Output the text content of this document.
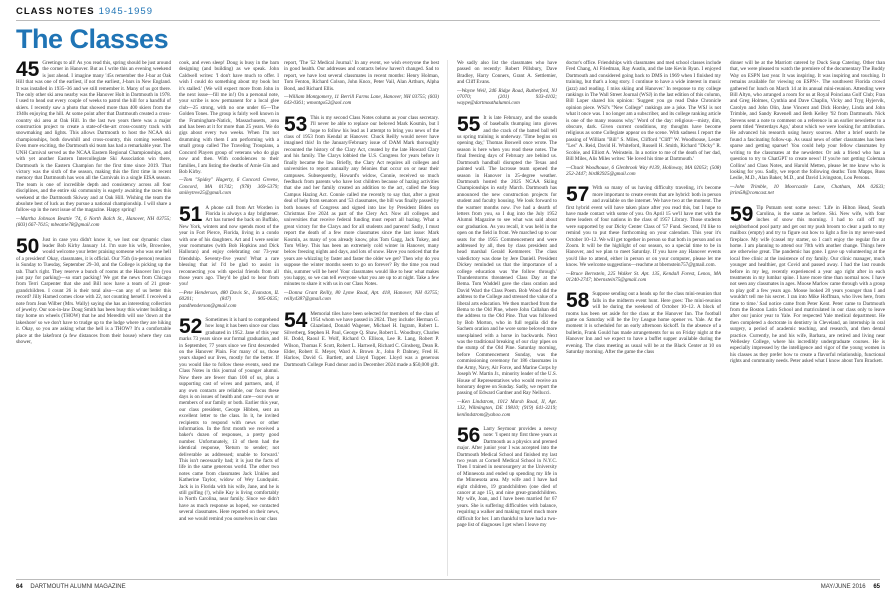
CLASS NOTES 1945-1959
The Classes
45 Greetings to all! As you read this, spring should be just around the corner in Hanover. But as I write this an evening weekend is just ahead. I imagine many '45s remember the J-bar at Oak Hill that was one of the earliest, if not the earliest, J-bars in New England. It was installed in 1935–36 and we still remember it. Many of us got there. The only other ski area nearby was the Hanover Holt in Dartmouth in 1978. I used to head out every couple of weeks to patrol the hill for a handful of skiers. I recently saw a photo that showed more than 400 skiers from the 1940s enjoying the hill. At some point after that Dartmouth created a cross-country ski area at Oak Hill. In the last two years there was a major construction project to create a state-of-the-art cross-country track with snowmaking and lights. This allows Dartmouth to host the NCAA ski championships, both downhill and cross-country, this coming weekend. Even more exciting, the Dartmouth ski team has had a remarkable year. The UNH Carnival served as the NCAA Eastern Regional Championships, and with yet another Eastern Intercollegiate Ski Association win there, Dartmouth is the Eastern Champion for the first time since 2019. That victory was the sixth of the season, making this the first time in recent memory that Dartmouth has won all the Carnivals in a single EISA season. The team is one of incredible depth and consistency across all four disciplines, and the entire ski community is eagerly awaiting the races this weekend at the Dartmouth Skiway and at Oak Hill. Wishing the team the absolute best of luck as they pursue a national championship. I will share a follow-up in the next issue of the magazine. Happy spring!
—Martha Johnson Beattie '74, 6 North Balch St., Hanover, NH 03755; (603) 667-7615; mbeattie78@gmail.com
50 Just in case you didn't know it, we lost our dynamic class leader Bob Kirby January 14. I'm sure his wife, Brownlee, would welcome your letter praising someone who was one hell of a president! Okay, classmates, it is official. Our 75th (in-person) reunion is Sunday to Tuesday, September 29–30, and the College is picking up the tab. That's right. They reserve a bunch of rooms at the Hanover Inn (you just pay for parking)—so start packing! We got the news from Chicago from Terri Carpenter that she and Bill now have a team of 21 great-grandchildren. I count 26 is their total also—can any of us better this record? Jilly Harned comes close with 22, not counting herself. I received a note from Jean Wilber (Mrs. Wally) saying she has an interesting collection of jewelry. Our son-in-law Doug Smith has been busy this winter building a tiny home on wheels (THOW) that he and Meredith will use 'down at the lakeshore' so we don't have to trudge up to the lodge where they are hiking it. Okay, so you are asking what the hell is a THOW? It's a comfortable place at the lakefront (a few distances from their house) where they can shower,
cook, and even sleep! Doug is busy in the barn designing (and building) as we speak. John Caldwell writes: 'I don't have much to offer. I wish I could do something about my book but it's stalled.' (We will expect more from John in the next issue—fill me in!) On a personal note, your scribe is now permanent for a local glee club—25 strong, with no one under 65—The Golden Tones. The group is fairly well known in the Framingham-Natick, Massachusetts, area and has been at it for more than 25 years. We do gigs about every two weeks. When I'm not drumming with them I am performing with a small group called The Traveling Troupians, a Concord Players group of veterans who do gigs now and then. With condolences to their families, I am listing the deaths of Arnie Gin and Bob Kirby.
—Tom "Spidey" Hagerty, 6 Concord Greene, Concord, MA 01742; (978) 369-5379; smileytree25@gmail.com
51 A phone call from Art Worden in Florida is always a day brightener. Art has turned the back on Buffalo, New York, winters and now spends most of the year in Fort Pierce, Florida, living in a condo with one of his daughters. Art and I were senior year roommates (with Bob Hopkins and Dick Halloran) and enjoy celebrating our 73-year friendship. Seventy-five years! What a rare blessing that is! I'd be glad to assist in reconnecting you with special friends from all those years ago. They'd be glad to hear from you!
—Pete Henderson, 480 Davis St., Evanston, IL 60201; (847) 905-0635; pandhenderson@gmail.com
52 Sometimes it is hard to comprehend how long it has been since our class graduated in 1952. Jane of this year marks 73 years since our formal graduation, and in September, 77 years since we first descended on the Hanover Plain. For many of us, those years shaped our lives, mostly for the better. If you would like to follow these events, send me Class Notes in this journal of younger alumni. Now there are fewer than 100 of us, plus a supporting cast of wives and partners, and, if any own contacts are reliable, our focus these days is on issues of health and care—our own or members of our family or both. Earlier this year, our class president, George Hibben, sent an excellent letter to the class. In it, he invited recipients to respond with news or other information. In the first month we received a baker's dozen of responses, a pretty good number. Unfortunately, 13 of them had the identical response, 'Return to sender; not deliverable as addressed; unable to forward.' This isn't necessarily bad; it is just the facts of life in the same generous world. The other two notes came from classmates Jack Unkles and Katherine Taylor, widow of Wey Lundquist. Jack is in Florida with his wife, Jane, and he is still golfing (!), while Kay is living comfortably in North Carolina, near family. Since we didn't have as much response as hoped, we contacted several classmates. Here reported on their news, and we would remind you ourselves in our class
report, 'The '52 Medical Journal.' In any event, we wish everyone the best in good health. Our addresses and contacts below haven't changed. Sad to report, we have lost several classmates in recent months: Henry Holman, Tom Fenton, Richard Colson, John Knox, Peter Vail, Alan Arthurs, Alpha Bond, and Richard Ellis.
—William Montgomery, 11 Berrill Farms Lane, Hanover, NH 03755; (603) 643-0361; wmontgo52@aol.com
53 This is my second Class Notes column as your class secretary. I'll never be able to replace our beloved Mark Kosmin, but I hope to follow his lead as I attempt to bring you news of the class of 1953 from Kendal at Hanover. Chuck Reilly would never have imagined this! In the January/February issue of DAM Mark thoroughly recounted the history of the Clary Act, created by the late Howard Clary and his family. The Clarys lobbied the U.S. Congress for years before it finally became the law. Briefly, the Clary Act requires all colleges and universities to report annually any felonies that occur on or near their campuses. Subsequently, Howard's widow, Connie, received so much feedback from parents who have lost children because of hazing activities that she and her family created an addition to the act, called the Stop Campus Hazing Act. Connie called me recently to say that, after a great deal of help from senators and '53 classmates, the bill was finally passed by both houses of Congress and signed into law by President Biden on Christmas Eve 2024 as part of the Clery Act. Now all colleges and universities that receive federal funding must report all hazing. What a great victory for the Clarys and for all students and parents! Sadly, I must report the death of a few more classmates since the last issue: Mark Kosmin, as many of you already know, plus Tom Gagg, Jack Tukey, and Tom Wiley. This has been an extremely cold winter in Hanover, many below freezing nights and days, and lots of snow. Have you noticed that the years are whizzing by faster and faster the older we get? Then why do you suppose the winter months seem to go on forever? By the time you read this, summer will be here! Your classmates would like to hear what makes you happy, so we can tell everyone what you are up to at night. Take a few minutes to share it with us in our Class Notes.
—Donna Grant Reilly, 80 Lyme Road, Apt. 418, Hanover, NH 03755; reilly4387@gmail.com
54 Memorial tiles have been selected for members of the class of 1954 whom we have passed in 2024. They include: Herman G. Glazeland, Donald Wagener, Michael H. Ingram, Robert L. Silverberg, Stephen H. Paul, George Q. Shaw, Robert L. Woodbury, Charles H. Dodd, Raoul E. Wolf, Richard O. Ellison, Lee R. Lang, Robert P. Wilson, Thomas F. Scott, Robert L. Hartwell, Richard C. Ginsberg, Dean R. Elder, Robert E. Meyer, Ward A. Brown Jr., John P. Dabney, Fred H. Harlow, David G. Bartlett, and Lloyd Tupper. Lloyd was a generous Dartmouth College Fund donor and in December 2024 made a $50,000 gift.
We sadly also list the classmates who have passed on recently: Robert Pillsbury, Dave Bradley, Harry Conners, Grant A. Settlemier, and Cliff Evans.
—Wayne Weil, 246 Ridge Road, Rutherford, NJ 07070; (201) 933-4102; waype@dartmouthalumni.com
55 It is late February, and the sounds of baseballs thumping into gloves and the crack of the batted ball tell us spring training is underway. 'Time begins on opening day,' Thomas Boswell once wrote. The season is here when you read these notes. The final freezing days of February are behind us. Dartmouth handball disrupted the Texas and painted wall. The lacrosse team opened the season in Hanover in 25-degree weather. Dartmouth hosted the 2025 NCAA Skiing Championships in early March. Dartmouth has announced the new construction projects for student and faculty housing. We look forward to the warmer months now. I've had a dearth of letters from you, so I dug into the July 1952 Alumni Magazine to see what was said about our graduation. As you recall, it was held in the open on the field in front. We marched up to our seats for the 1955 Commencement and were addressed by all, then by class president and head marshal Gerald Kemmerer. The class valedictory was done by Jere Daniell. President Dickey reminded us that the importance of a college education was 'the follow through.' Thunderstorms threatened Class Day at the Bema. Tom Waddell gave the class oration and David Ward the Class Poem. Bob Wood did the address to the College and stressed the value of a liberal arts education. We then marched from the Bema to the Old Pine, where John Callahan did the address to the Old Pine. That was followed by Bob Morton, who in full regalia did the Sachem oration and he wore some beloved more unexplained with a horse in backwards. Next was the traditional breaking of our clay pipes on the stump of the Old Pine. Saturday morning, before Commencement Sunday, was the commissioning ceremony for 186 classmates in the Army, Navy, Air Force, and Marine Corps by Joseph W. Martin Jr., minority leader of the U.S. House of Representatives who would receive an honorary degree on Sunday. Sadly, we report the passing of Edward Gardner and Ray Nellucci.
—Ken Lindstrom, 1012 Marsh Road, II, Apt. 132, Wilmington, DE 19810; (919) 641-3219; kenlindstrom@yahoo.com
56 Larry Seymour provides a newsy note: 'I spent my first three years at Dartmouth as a physics and premed major. After junior year I was accepted into the Dartmouth Medical School and finished my last two years at Cornell Medical School in N.Y.C. Then I trained in neurosurgery at the University of Minnesota and ended up spending my life in the Minnesota area. My wife and I have had eight children, 19 grandchildren (one died of cancer at age 15), and nine great-grandchildren. My wife, Joan, and I have been married for 67 years. She is suffering difficulties with balance, requiring a walker and making travel much more difficult for her. I am thankful to have had a two-page list of diagnoses I get when I leave my
doctor's office. Friendships with classmates and med school classes include Fred Chang, Al Friedman, Ray Austin, and the late Kevin Ryan. I enjoyed Dartmouth and considered going back to DMS in 1969 when I finished my training, but that's a long story. I continue to have a wide interest in music (jazz) and reading. I miss skiing and Hanover.' In response to my college rankings in The Wall Street Journal (WSJ) in the last edition of this column, Bill Loper shared his opinion: 'Suggest you go read Duke Chronicle opinion piece. WSJ's "New College" rankings are a joke. The WSJ is not what it once was. I no longer am a subscriber, and its college ranking article is one of the many reasons why.' Word of the day: religious—misty, dim, obscure, dark. Given current conditions, my thoughts have become religious as some Collegiate appear on the scene. With sadness I report the passing of William "Bill" S. Miles, Clifford "Cliff" W. Woodhouse, Lester "Les" A. Reid, David H. Whiteford, Russell H. Smith, Richard "Dicky" R. Scobie, and Elliott A. Weinstein. In a notice to me of the death of her dad, Bill Miles, Alis Miles writes: 'He loved his time at Dartmouth.'
—Chuck Woodhouse, 6 Glenbrook Way #139, Holloway, MA 02053; (508) 252-2447; bird82925@gmail.com
57 With so many of us having difficulty traveling, it's become more important to create events that are hybrid: both in person and available on the internet. We have two at the moment. The first hybrid event will have taken place after you read this, but I hope to have made contact with some of you. On April 15 we'll have met with the three leaders of four nations in the class of 1957 Library. Those students were supported by our Dicky Center Class of '57 Fund. Second, I'd like to remind you to put these forthcoming on your calendars. This year it's October 10–12. We will get together in person so that both in person and on Zoom. It will be the highlight of our season, so a special time to be in Hanover, and we plan to meet Saturday. If you have any Hanover events you'd like to attend, either in person or on your computer, please let me know. We welcome suggestions—reachme at bbernstein757@gmail.com.
—Bruce Bernstein, 225 Walker St. Apt. 135, Kendall Forest, Lenox, MA 01240-2747; bbernstein75@gmail.com
58 Suppose sending out a heads up for the class mini-reunion that falls in the midterm event hunt. Here goes: The mini-reunion will be during the weekend of October 10–12. A block of rooms has been set aside for the class at the Hanover Inn. The football game on Saturday will be the Ivy League home opener vs. Yale. At the moment it is scheduled for an early afternoon kickoff. In the absence of a bulletin, Frank Gould has made arrangements for us on Friday night at the Hanover Inn and we expect to have a buffet supper available during the evening. The class meeting as usual will be at the Black Center at 10 on Saturday morning. After the game the class
dinner will be at the Marriott catered by Duck Soup Catering. Other than that, we were pleased to watch the premiere of the documentary The Buddy Way on ESPN last year. It was inspiring. It was inspiring and touching. It remains available for viewing on ESPN+. The southwest Florida crowd gathered for lunch on March 14 at its annual mini-reunion. Attending were Bill Altyn, who arranged a room for us at Royal Poinciana Golf Club; Fran and Greg Holmes, Cynthia and Dave Chaplin, Vicky and Tryg Hyjervik, Carolyn and John Olin, Jane Vincent and Dick Horsley, Linda and John Trimble, and Sandy Ravenell and Beth Kelley '92 from Dartmouth. Nick Stevens sent a note to comment on a reference in an earlier newsletter to a poem titled 'Yesterdays Ago,' about which we were looking for attribution. He advanced his research using heavy sources. After a brief search he found a fascinating follow-up. As usual news of other classmates has been sparse and getting sparser! You could help your fellow classmates by writing to the classmates at the newsletter. Or ask a friend who has a question to try to ChatGPT to create news! If you're not getting Coleman Collins' and Class Notes, and Harold Metten, please let me know who is looking for you. Sadly, we report the following deaths: Tom Mapps, Russ Leslie, M.D., Alan Baker, M.D., and David Livingston, Lou Persons.
—John Trimble, 10 Moorcastle Lane, Chatham, MA 02633; jtrim58@comcast.net
59 Tip Putnam sent some news: 'Life in Hilton Head, South Carolina, is the same as before. Ski. New wife, with four inches of snow this morning. I had to call off my neighborhood pool party and get out my push broom to clear a path to my mailbox (empty) and try to figure out how to light a fire in my never-used fireplace. My wife (cassel my starter, so I can't enjoy the regular fire at home. I am planning to attend our 70th with another change. Things here are otherwise great. The pandemic has gone. I gave up volunteering at the local free clinic at the insistence of my family. Our clinic manager, much younger and healthier, got Covid and passed away. I had the last rounds before in my leg, recently experienced a year ago right after in each treatments in my lumbar spine. I have more time than normal now. I have not seen any classmates in ages. Moose Marlow came through with a group to play golf a few years ago. Moose looked 20 years younger than I and wouldn't tell me his secret. I ran into Mike Hoffman, who lives here, from time to time.' Sad notice came from Peter Kent. Peter came to Dartmouth from the Boston Latin School and matriculated in our class only to leave after our junior year to Yale. For respected Yale medical department. He then completed a doctorate in dentistry in Cleveland, an internship in oral surgery, a period of academic teaching, and research, and then dental practice. Currently, he and his wife, Barbara, are retired and living near Wellesley College, where his incredibly undergraduate courses. He is especially impressed by the intelligence and vigor of the young women in his classes as they prefer how to create a flavorful relationship, functional rights and community needs. Peter asked what I know about Tom Brackett.
64 DARTMOUTH ALUMNI MAGAZINE	MAY/JUNE 2016 65
